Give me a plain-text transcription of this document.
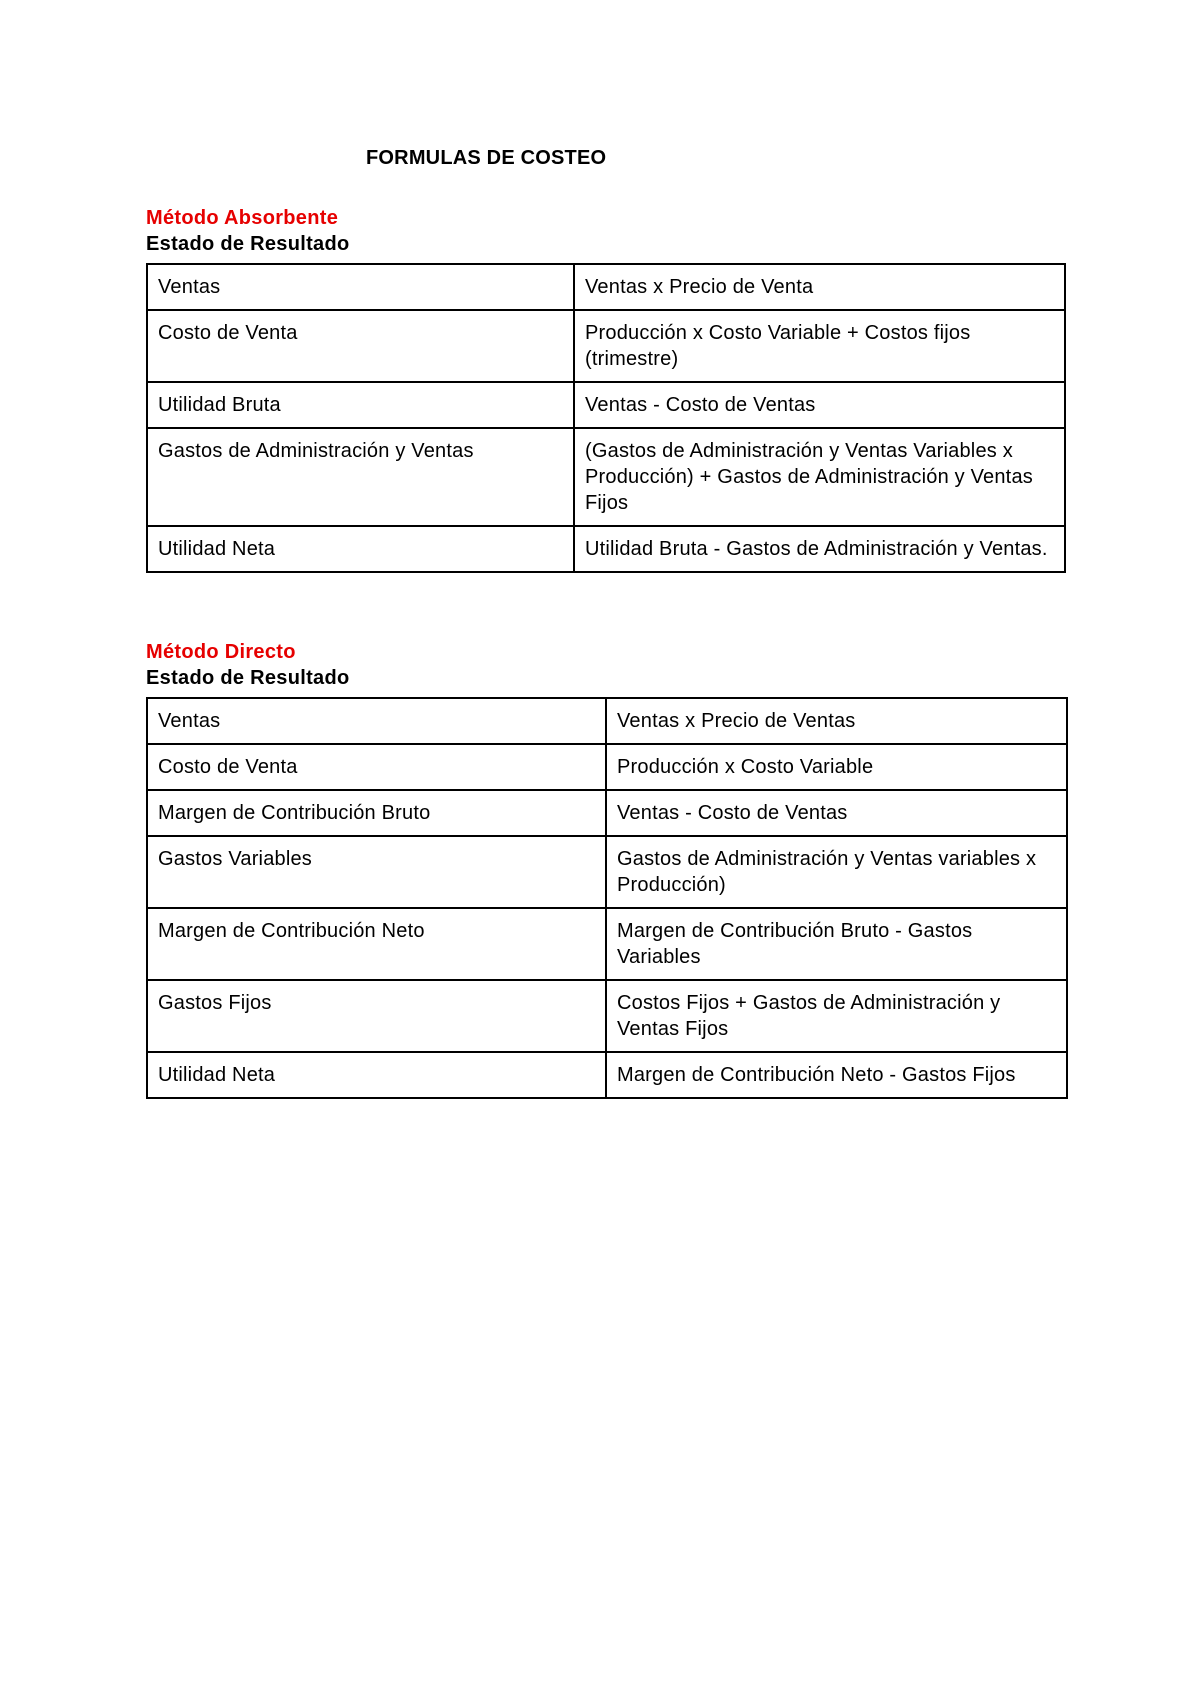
FORMULAS DE COSTEO

Método Absorbente

Estado de Resultado

Ventas	Ventas x Precio de Venta
Costo de Venta	Producción x Costo Variable + Costos fijos (trimestre)
Utilidad Bruta	Ventas - Costo de Ventas
Gastos de Administración y Ventas	(Gastos de Administración y Ventas Variables x Producción) + Gastos de Administración y Ventas Fijos
Utilidad Neta	Utilidad Bruta - Gastos de Administración y Ventas.

Método Directo

Estado de Resultado

Ventas	Ventas x Precio de Ventas
Costo de Venta	Producción x Costo Variable
Margen de Contribución Bruto	Ventas - Costo de Ventas
Gastos Variables	Gastos de Administración y Ventas variables x Producción)
Margen de Contribución Neto	Margen de Contribución Bruto - Gastos Variables
Gastos Fijos	Costos Fijos + Gastos de Administración y Ventas Fijos
Utilidad Neta	Margen de Contribución Neto - Gastos Fijos
